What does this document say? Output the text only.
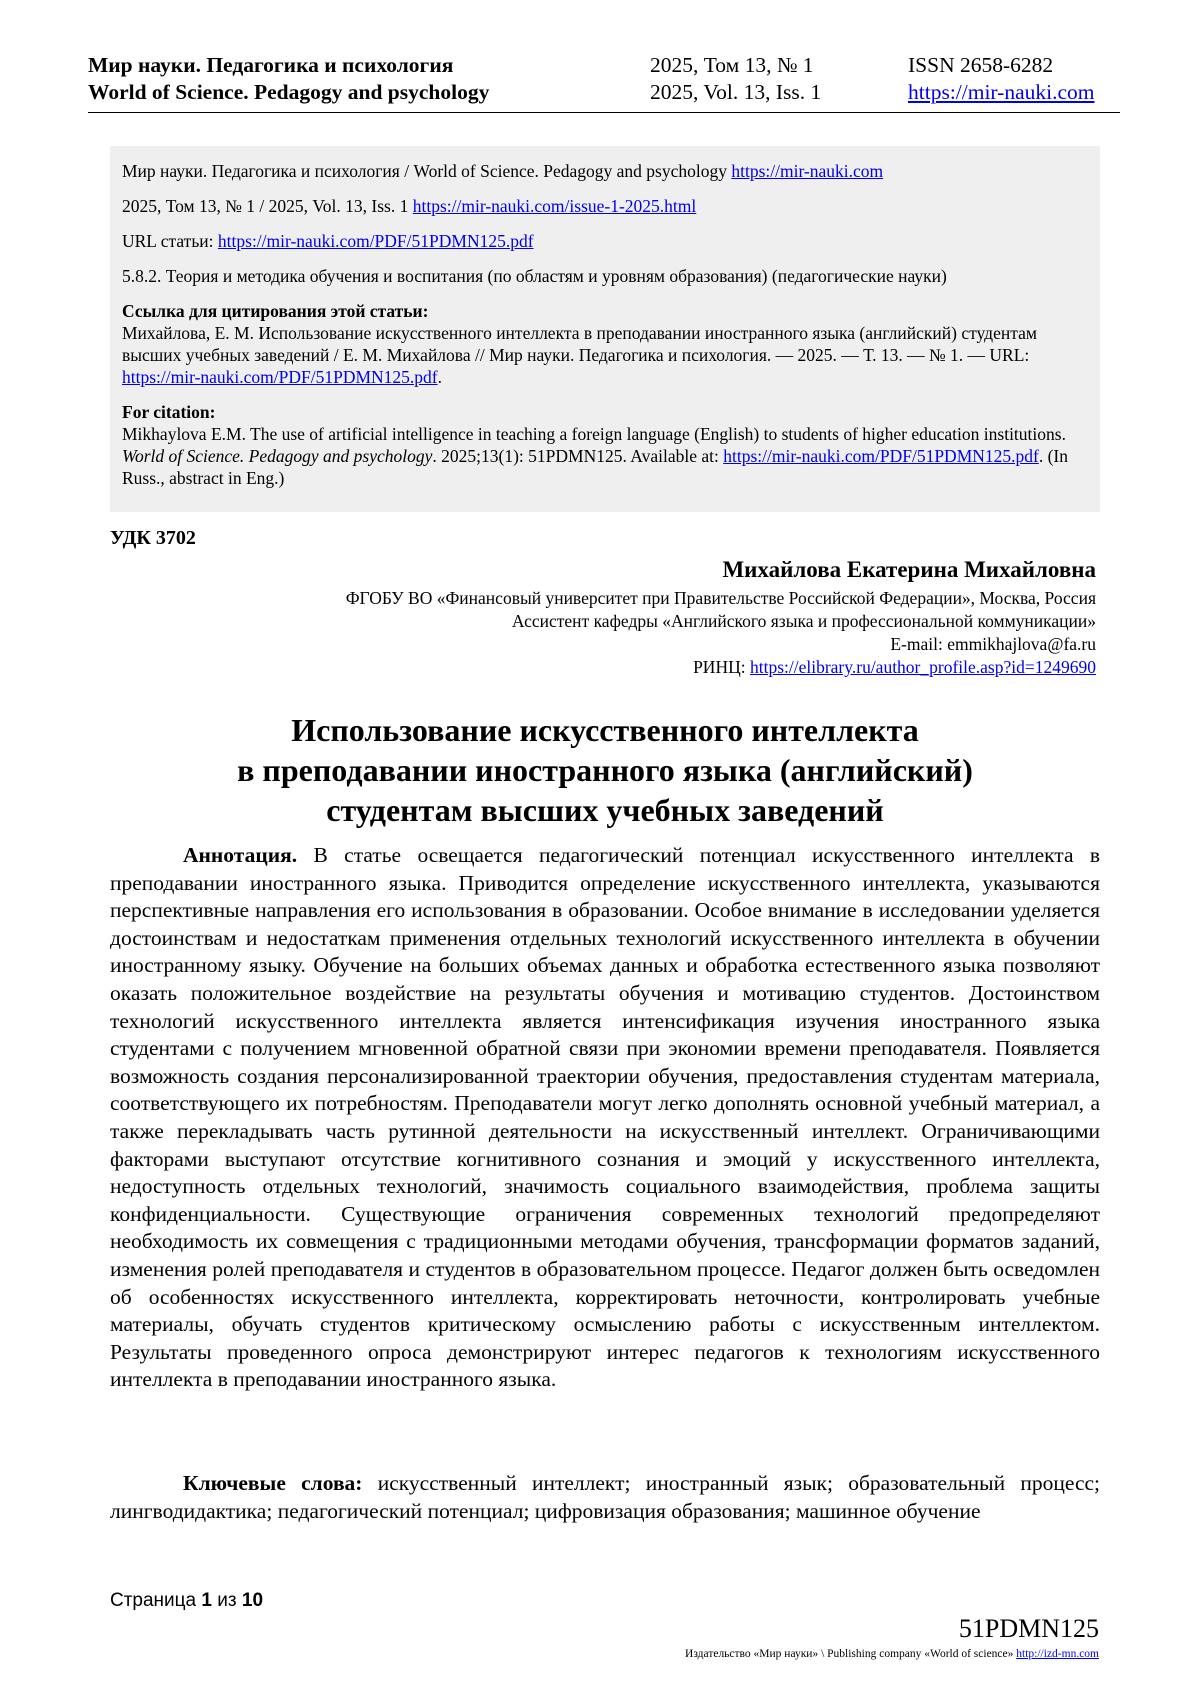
Мир науки. Педагогика и психология
World of Science. Pedagogy and psychology
2025, Том 13, № 1
2025, Vol. 13, Iss. 1
ISSN 2658-6282
https://mir-nauki.com

Мир науки. Педагогика и психология / World of Science. Pedagogy and psychology https://mir-nauki.com

2025, Том 13, № 1 / 2025, Vol. 13, Iss. 1 https://mir-nauki.com/issue-1-2025.html

URL статьи: https://mir-nauki.com/PDF/51PDMN125.pdf

5.8.2. Теория и методика обучения и воспитания (по областям и уровням образования) (педагогические науки)

Ссылка для цитирования этой статьи:

Михайлова, Е. М. Использование искусственного интеллекта в преподавании иностранного языка (английский) студентам высших учебных заведений / Е. М. Михайлова // Мир науки. Педагогика и психология. — 2025. — Т. 13. — № 1. — URL: https://mir-nauki.com/PDF/51PDMN125.pdf.

For citation:

Mikhaylova E.M. The use of artificial intelligence in teaching a foreign language (English) to students of higher education institutions. World of Science. Pedagogy and psychology. 2025;13(1): 51PDMN125. Available at: https://mir-nauki.com/PDF/51PDMN125.pdf. (In Russ., abstract in Eng.)

УДК 3702
Михайлова Екатерина Михайловна
ФГОБУ ВО «Финансовый университет при Правительстве Российской Федерации», Москва, Россия
Ассистент кафедры «Английского языка и профессиональной коммуникации»
E-mail: emmikhajlova@fa.ru
РИНЦ: https://elibrary.ru/author_profile.asp?id=1249690
Использование искусственного интеллекта
в преподавании иностранного языка (английский)
студентам высших учебных заведений
Аннотация. В статье освещается педагогический потенциал искусственного интеллекта в преподавании иностранного языка. Приводится определение искусственного интеллекта, указываются перспективные направления его использования в образовании. Особое внимание в исследовании уделяется достоинствам и недостаткам применения отдельных технологий искусственного интеллекта в обучении иностранному языку. Обучение на больших объемах данных и обработка естественного языка позволяют оказать положительное воздействие на результаты обучения и мотивацию студентов. Достоинством технологий искусственного интеллекта является интенсификация изучения иностранного языка студентами с получением мгновенной обратной связи при экономии времени преподавателя. Появляется возможность создания персонализированной траектории обучения, предоставления студентам материала, соответствующего их потребностям. Преподаватели могут легко дополнять основной учебный материал, а также перекладывать часть рутинной деятельности на искусственный интеллект. Ограничивающими факторами выступают отсутствие когнитивного сознания и эмоций у искусственного интеллекта, недоступность отдельных технологий, значимость социального взаимодействия, проблема защиты конфиденциальности. Существующие ограничения современных технологий предопределяют необходимость их совмещения с традиционными методами обучения, трансформации форматов заданий, изменения ролей преподавателя и студентов в образовательном процессе. Педагог должен быть осведомлен об особенностях искусственного интеллекта, корректировать неточности, контролировать учебные материалы, обучать студентов критическому осмыслению работы с искусственным интеллектом. Результаты проведенного опроса демонстрируют интерес педагогов к технологиям искусственного интеллекта в преподавании иностранного языка.
Ключевые слова: искусственный интеллект; иностранный язык; образовательный процесс; лингводидактика; педагогический потенциал; цифровизация образования; машинное обучение
Страница 1 из 10
51PDMN125
Издательство «Мир науки» \ Publishing company «World of science» http://izd-mn.com
